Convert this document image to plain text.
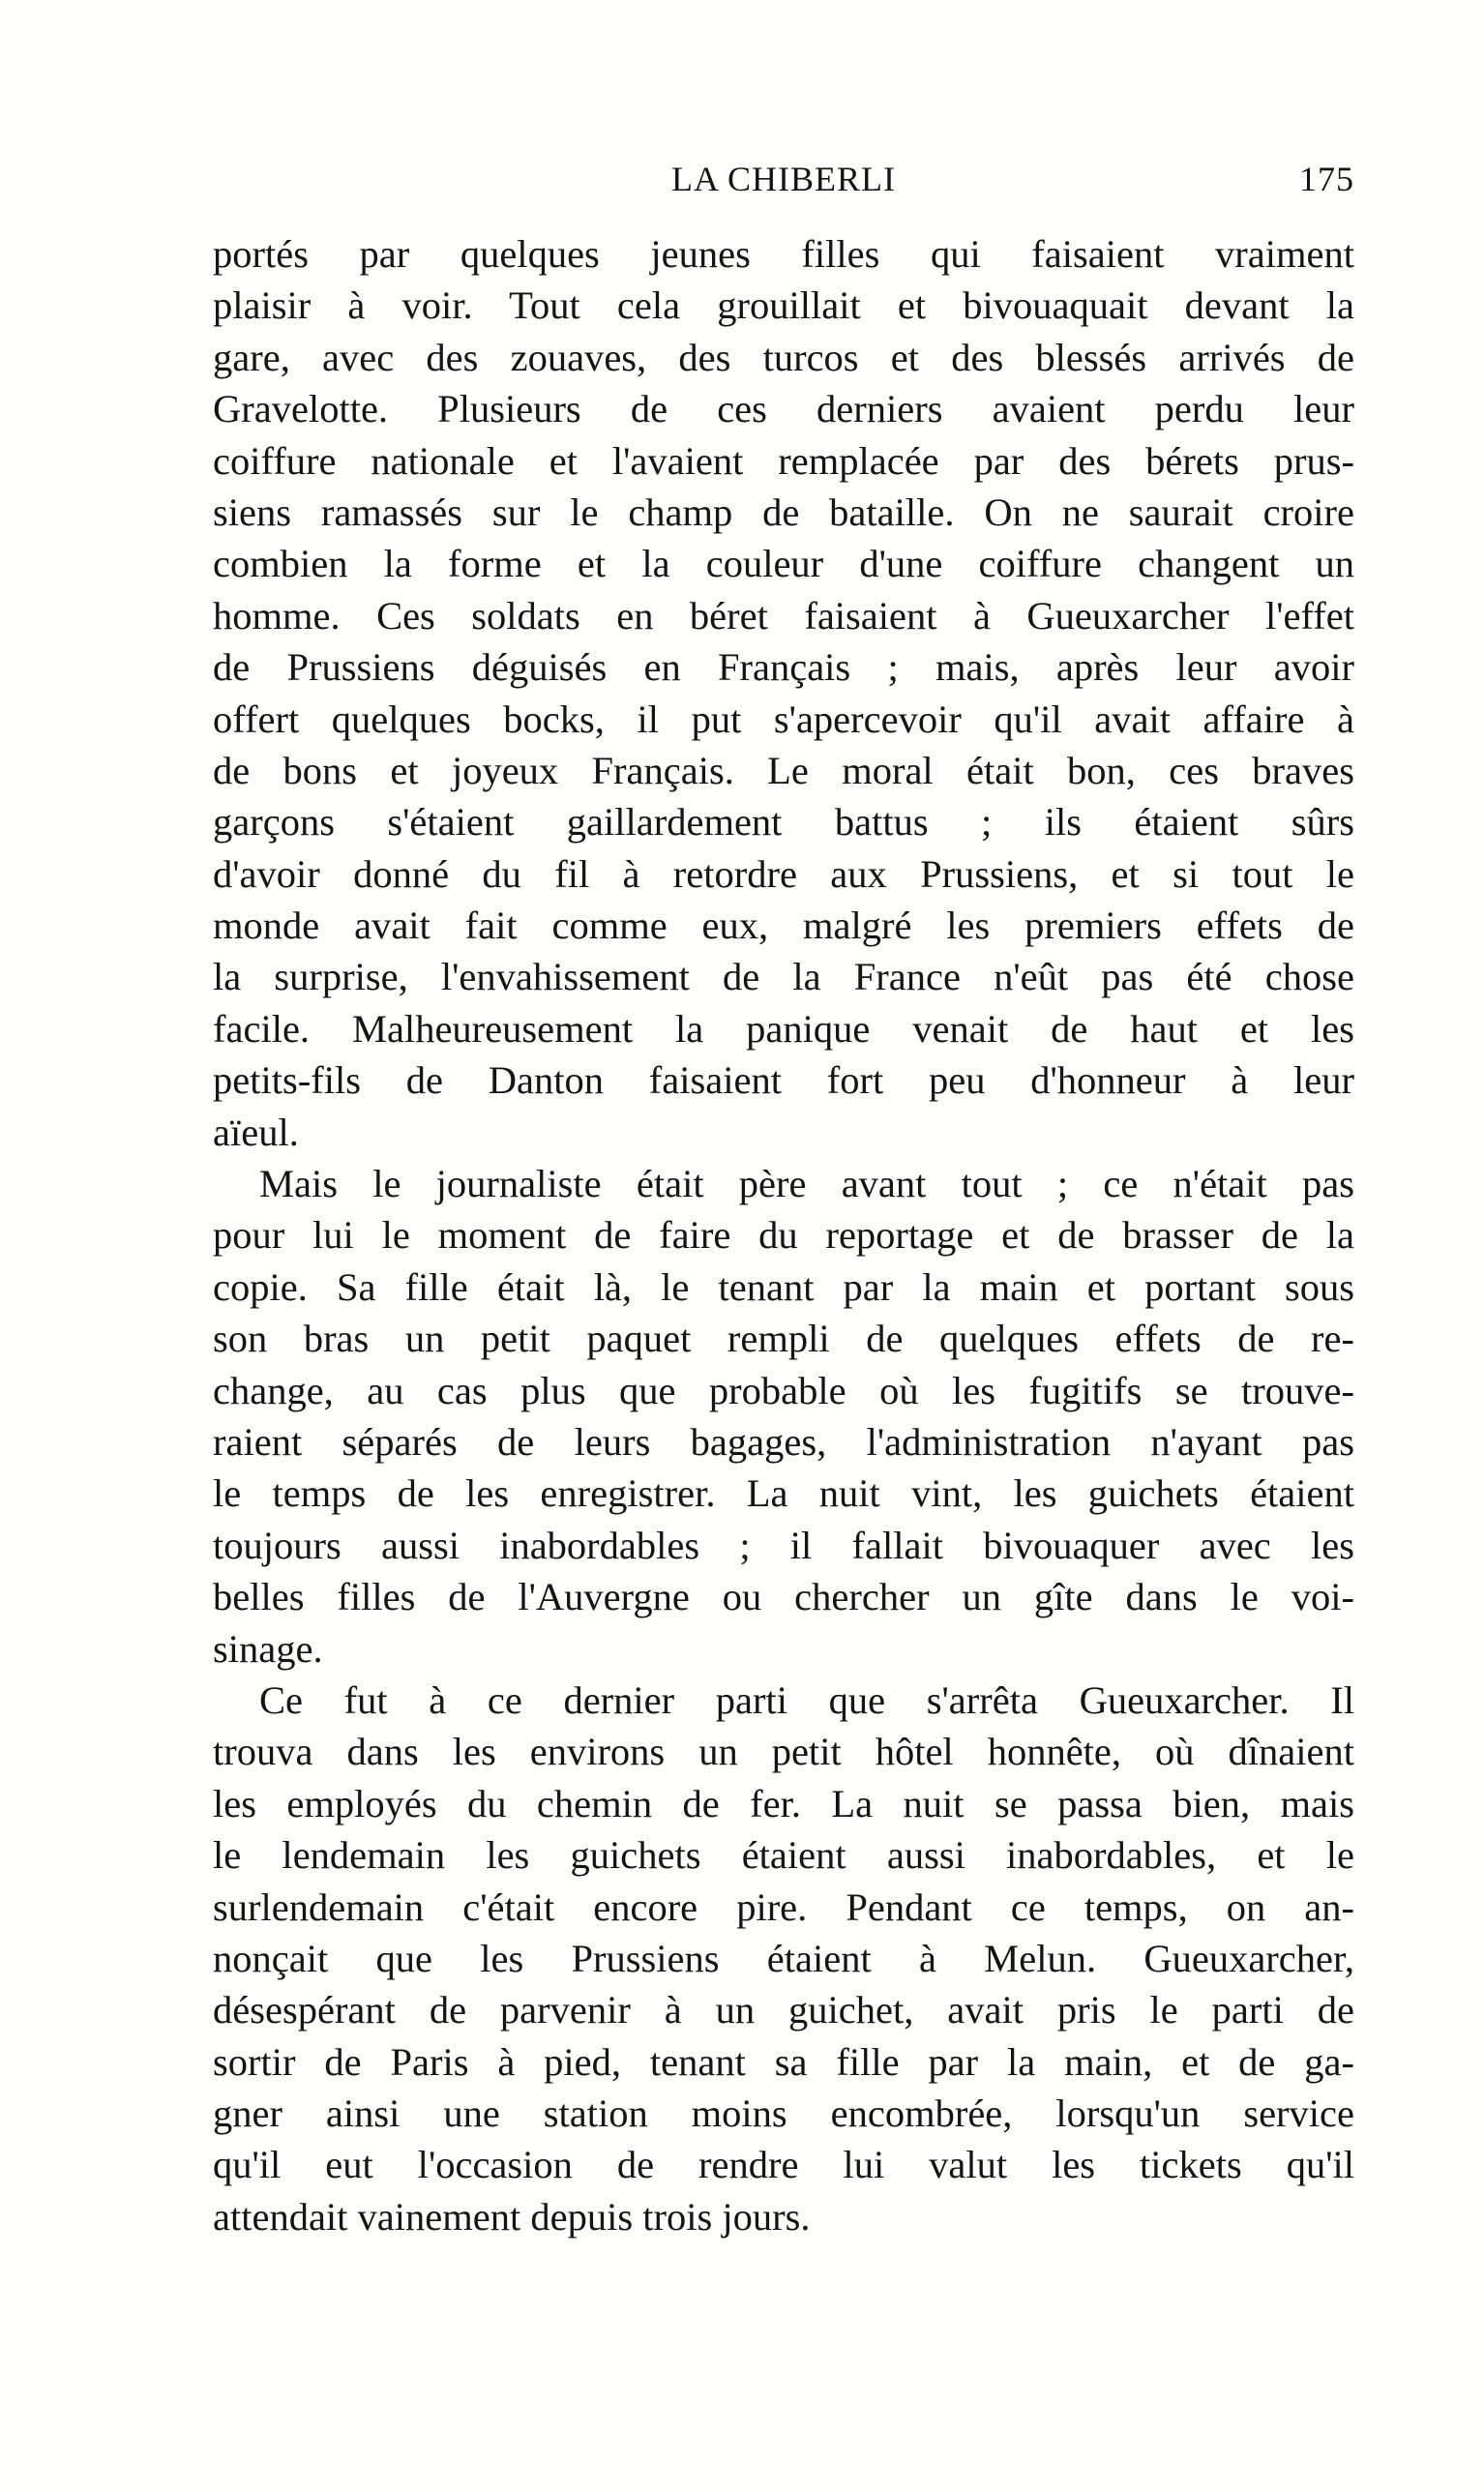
LA CHIBERLI	175
portés par quelques jeunes filles qui faisaient vraiment
plaisir à voir. Tout cela grouillait et bivouaquait devant la
gare, avec des zouaves, des turcos et des blessés arrivés de
Gravelotte. Plusieurs de ces derniers avaient perdu leur
coiffure nationale et l'avaient remplacée par des bérets prus-
siens ramassés sur le champ de bataille. On ne saurait croire
combien la forme et la couleur d'une coiffure changent un
homme. Ces soldats en béret faisaient à Gueuxarcher l'effet
de Prussiens déguisés en Français ; mais, après leur avoir
offert quelques bocks, il put s'apercevoir qu'il avait affaire à
de bons et joyeux Français. Le moral était bon, ces braves
garçons s'étaient gaillardement battus ; ils étaient sûrs
d'avoir donné du fil à retordre aux Prussiens, et si tout le
monde avait fait comme eux, malgré les premiers effets de
la surprise, l'envahissement de la France n'eût pas été chose
facile. Malheureusement la panique venait de haut et les
petits-fils de Danton faisaient fort peu d'honneur à leur
aïeul.
Mais le journaliste était père avant tout ; ce n'était pas
pour lui le moment de faire du reportage et de brasser de la
copie. Sa fille était là, le tenant par la main et portant sous
son bras un petit paquet rempli de quelques effets de re-
change, au cas plus que probable où les fugitifs se trouve-
raient séparés de leurs bagages, l'administration n'ayant pas
le temps de les enregistrer. La nuit vint, les guichets étaient
toujours aussi inabordables ; il fallait bivouaquer avec les
belles filles de l'Auvergne ou chercher un gîte dans le voi-
sinage.
Ce fut à ce dernier parti que s'arrêta Gueuxarcher. Il
trouva dans les environs un petit hôtel honnête, où dînaient
les employés du chemin de fer. La nuit se passa bien, mais
le lendemain les guichets étaient aussi inabordables, et le
surlendemain c'était encore pire. Pendant ce temps, on an-
nonçait que les Prussiens étaient à Melun. Gueuxarcher,
désespérant de parvenir à un guichet, avait pris le parti de
sortir de Paris à pied, tenant sa fille par la main, et de ga-
gner ainsi une station moins encombrée, lorsqu'un service
qu'il eut l'occasion de rendre lui valut les tickets qu'il
attendait vainement depuis trois jours.
